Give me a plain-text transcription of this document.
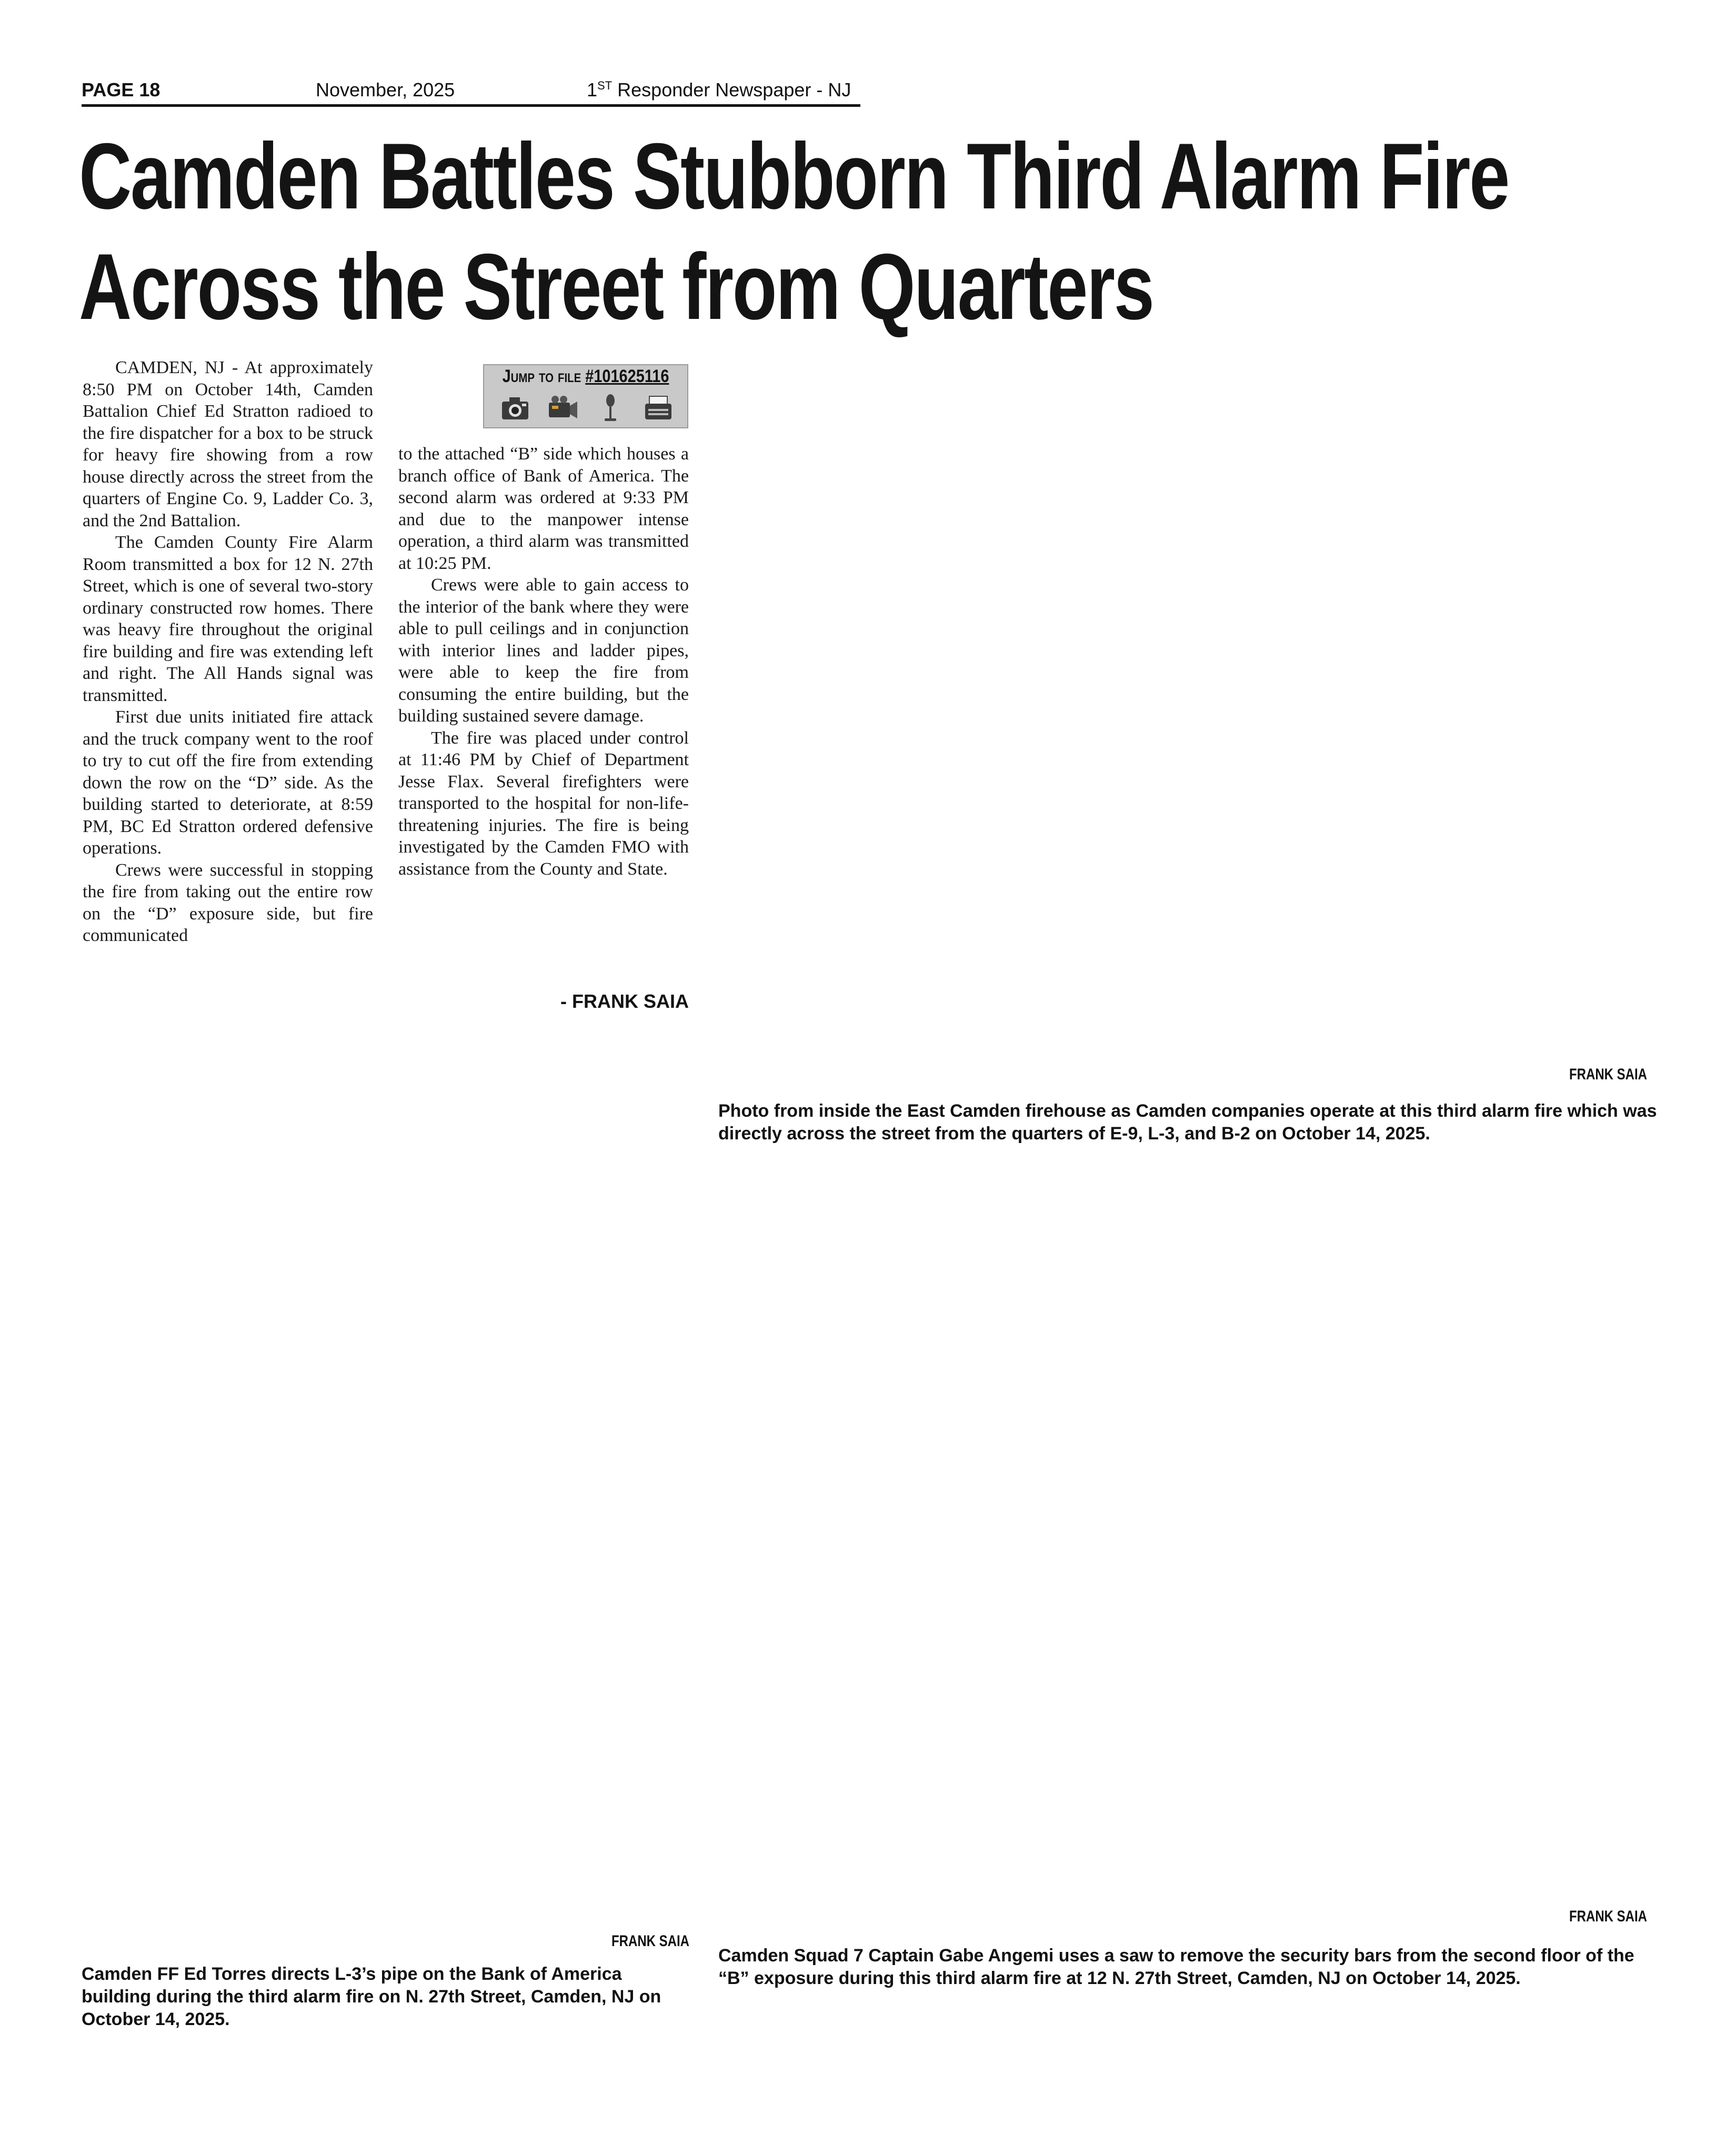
PAGE 18	November, 2025	1ST Responder Newspaper - NJ
Camden Battles Stubborn Third Alarm Fire
Across the Street from Quarters

CAMDEN, NJ - At approximately 8:50 PM on October 14th, Camden Battalion Chief Ed Stratton radioed to the fire dispatcher for a box to be struck for heavy fire showing from a row house directly across the street from the quarters of Engine Co. 9, Ladder Co. 3, and the 2nd Battalion.

The Camden County Fire Alarm Room transmitted a box for 12 N. 27th Street, which is one of several two-story ordinary constructed row homes. There was heavy fire throughout the original fire building and fire was extending left and right. The All Hands signal was transmitted.

First due units initiated fire attack and the truck company went to the roof to try to cut off the fire from extending down the row on the “D” side. As the building started to deteriorate, at 8:59 PM, BC Ed Stratton ordered defensive operations.

Crews were successful in stopping the fire from taking out the entire row on the “D” exposure side, but fire communicated

Jump to file #101625116

to the attached “B” side which houses a branch office of Bank of America. The second alarm was ordered at 9:33 PM and due to the manpower intense operation, a third alarm was transmitted at 10:25 PM.

Crews were able to gain access to the interior of the bank where they were able to pull ceilings and in conjunction with interior lines and ladder pipes, were able to keep the fire from consuming the entire building, but the building sustained severe damage.

The fire was placed under control at 11:46 PM by Chief of Department Jesse Flax. Several firefighters were transported to the hospital for non-life-threatening injuries. The fire is being investigated by the Camden FMO with assistance from the County and State.

- FRANK SAIA
FRANK SAIA
Photo from inside the East Camden firehouse as Camden companies operate at this third alarm fire which was directly across the street from the quarters of E-9, L-3, and B-2 on October 14, 2025.
FRANK SAIA
Camden FF Ed Torres directs L-3’s pipe on the Bank of America building during the third alarm fire on N. 27th Street, Camden, NJ on October 14, 2025.
FRANK SAIA
Camden Squad 7 Captain Gabe Angemi uses a saw to remove the security bars from the second floor of the “B” exposure during this third alarm fire at 12 N. 27th Street, Camden, NJ on October 14, 2025.
